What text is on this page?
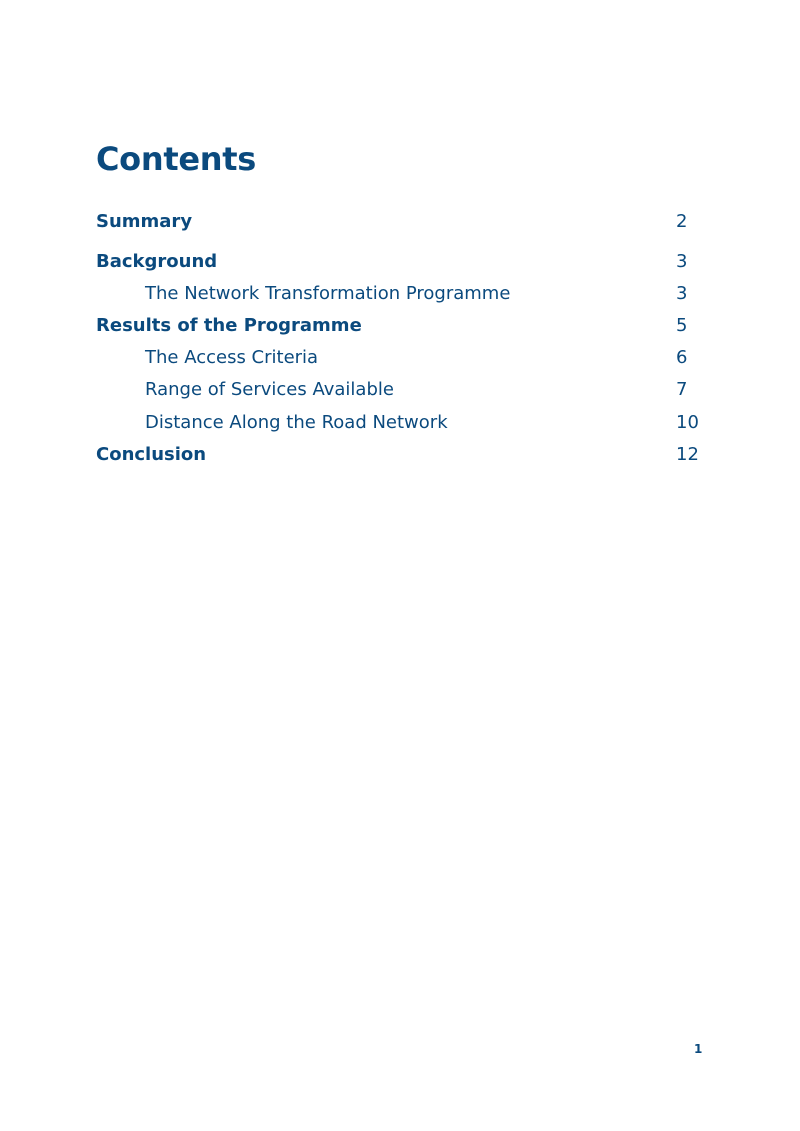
Contents
Summary	2
Background	3
The Network Transformation Programme	3
Results of the Programme	5
The Access Criteria	6
Range of Services Available	7
Distance Along the Road Network	10
Conclusion	12
1
